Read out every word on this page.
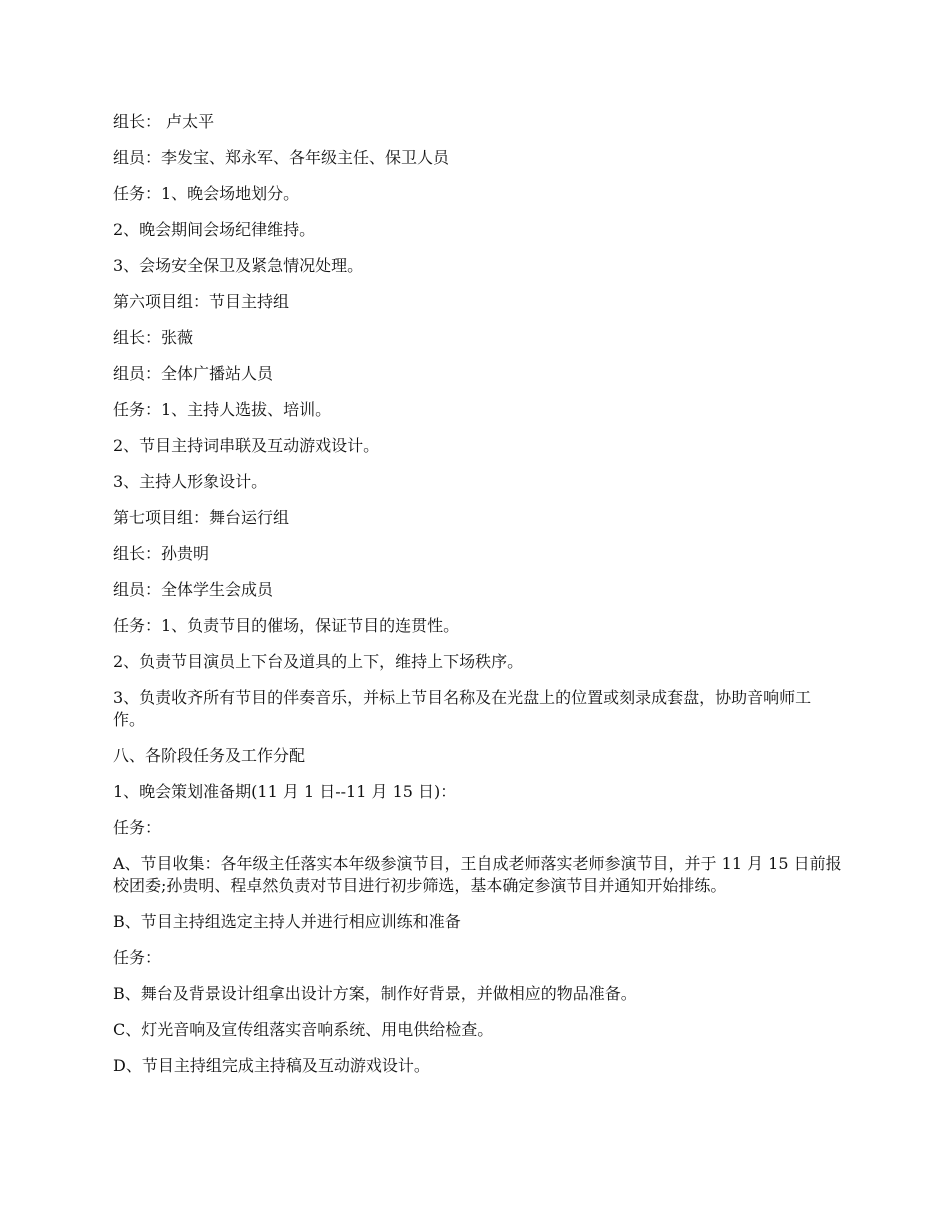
组长： 卢太平

组员：李发宝、郑永军、各年级主任、保卫人员

任务：1、晚会场地划分。

2、晚会期间会场纪律维持。

3、会场安全保卫及紧急情况处理。

第六项目组：节目主持组

组长：张薇

组员：全体广播站人员

任务：1、主持人选拔、培训。

2、节目主持词串联及互动游戏设计。

3、主持人形象设计。

第七项目组：舞台运行组

组长：孙贵明

组员：全体学生会成员

任务：1、负责节目的催场，保证节目的连贯性。

2、负责节目演员上下台及道具的上下，维持上下场秩序。

3、负责收齐所有节目的伴奏音乐，并标上节目名称及在光盘上的位置或刻录成套盘，协助音响师工作。

八、各阶段任务及工作分配

1、晚会策划准备期(11 月 1 日--11 月 15 日)：

任务：

A、节目收集：各年级主任落实本年级参演节目，王自成老师落实老师参演节目，并于 11 月 15 日前报校团委;孙贵明、程卓然负责对节目进行初步筛选，基本确定参演节目并通知开始排练。

B、节目主持组选定主持人并进行相应训练和准备

任务：

B、舞台及背景设计组拿出设计方案，制作好背景，并做相应的物品准备。

C、灯光音响及宣传组落实音响系统、用电供给检查。

D、节目主持组完成主持稿及互动游戏设计。
